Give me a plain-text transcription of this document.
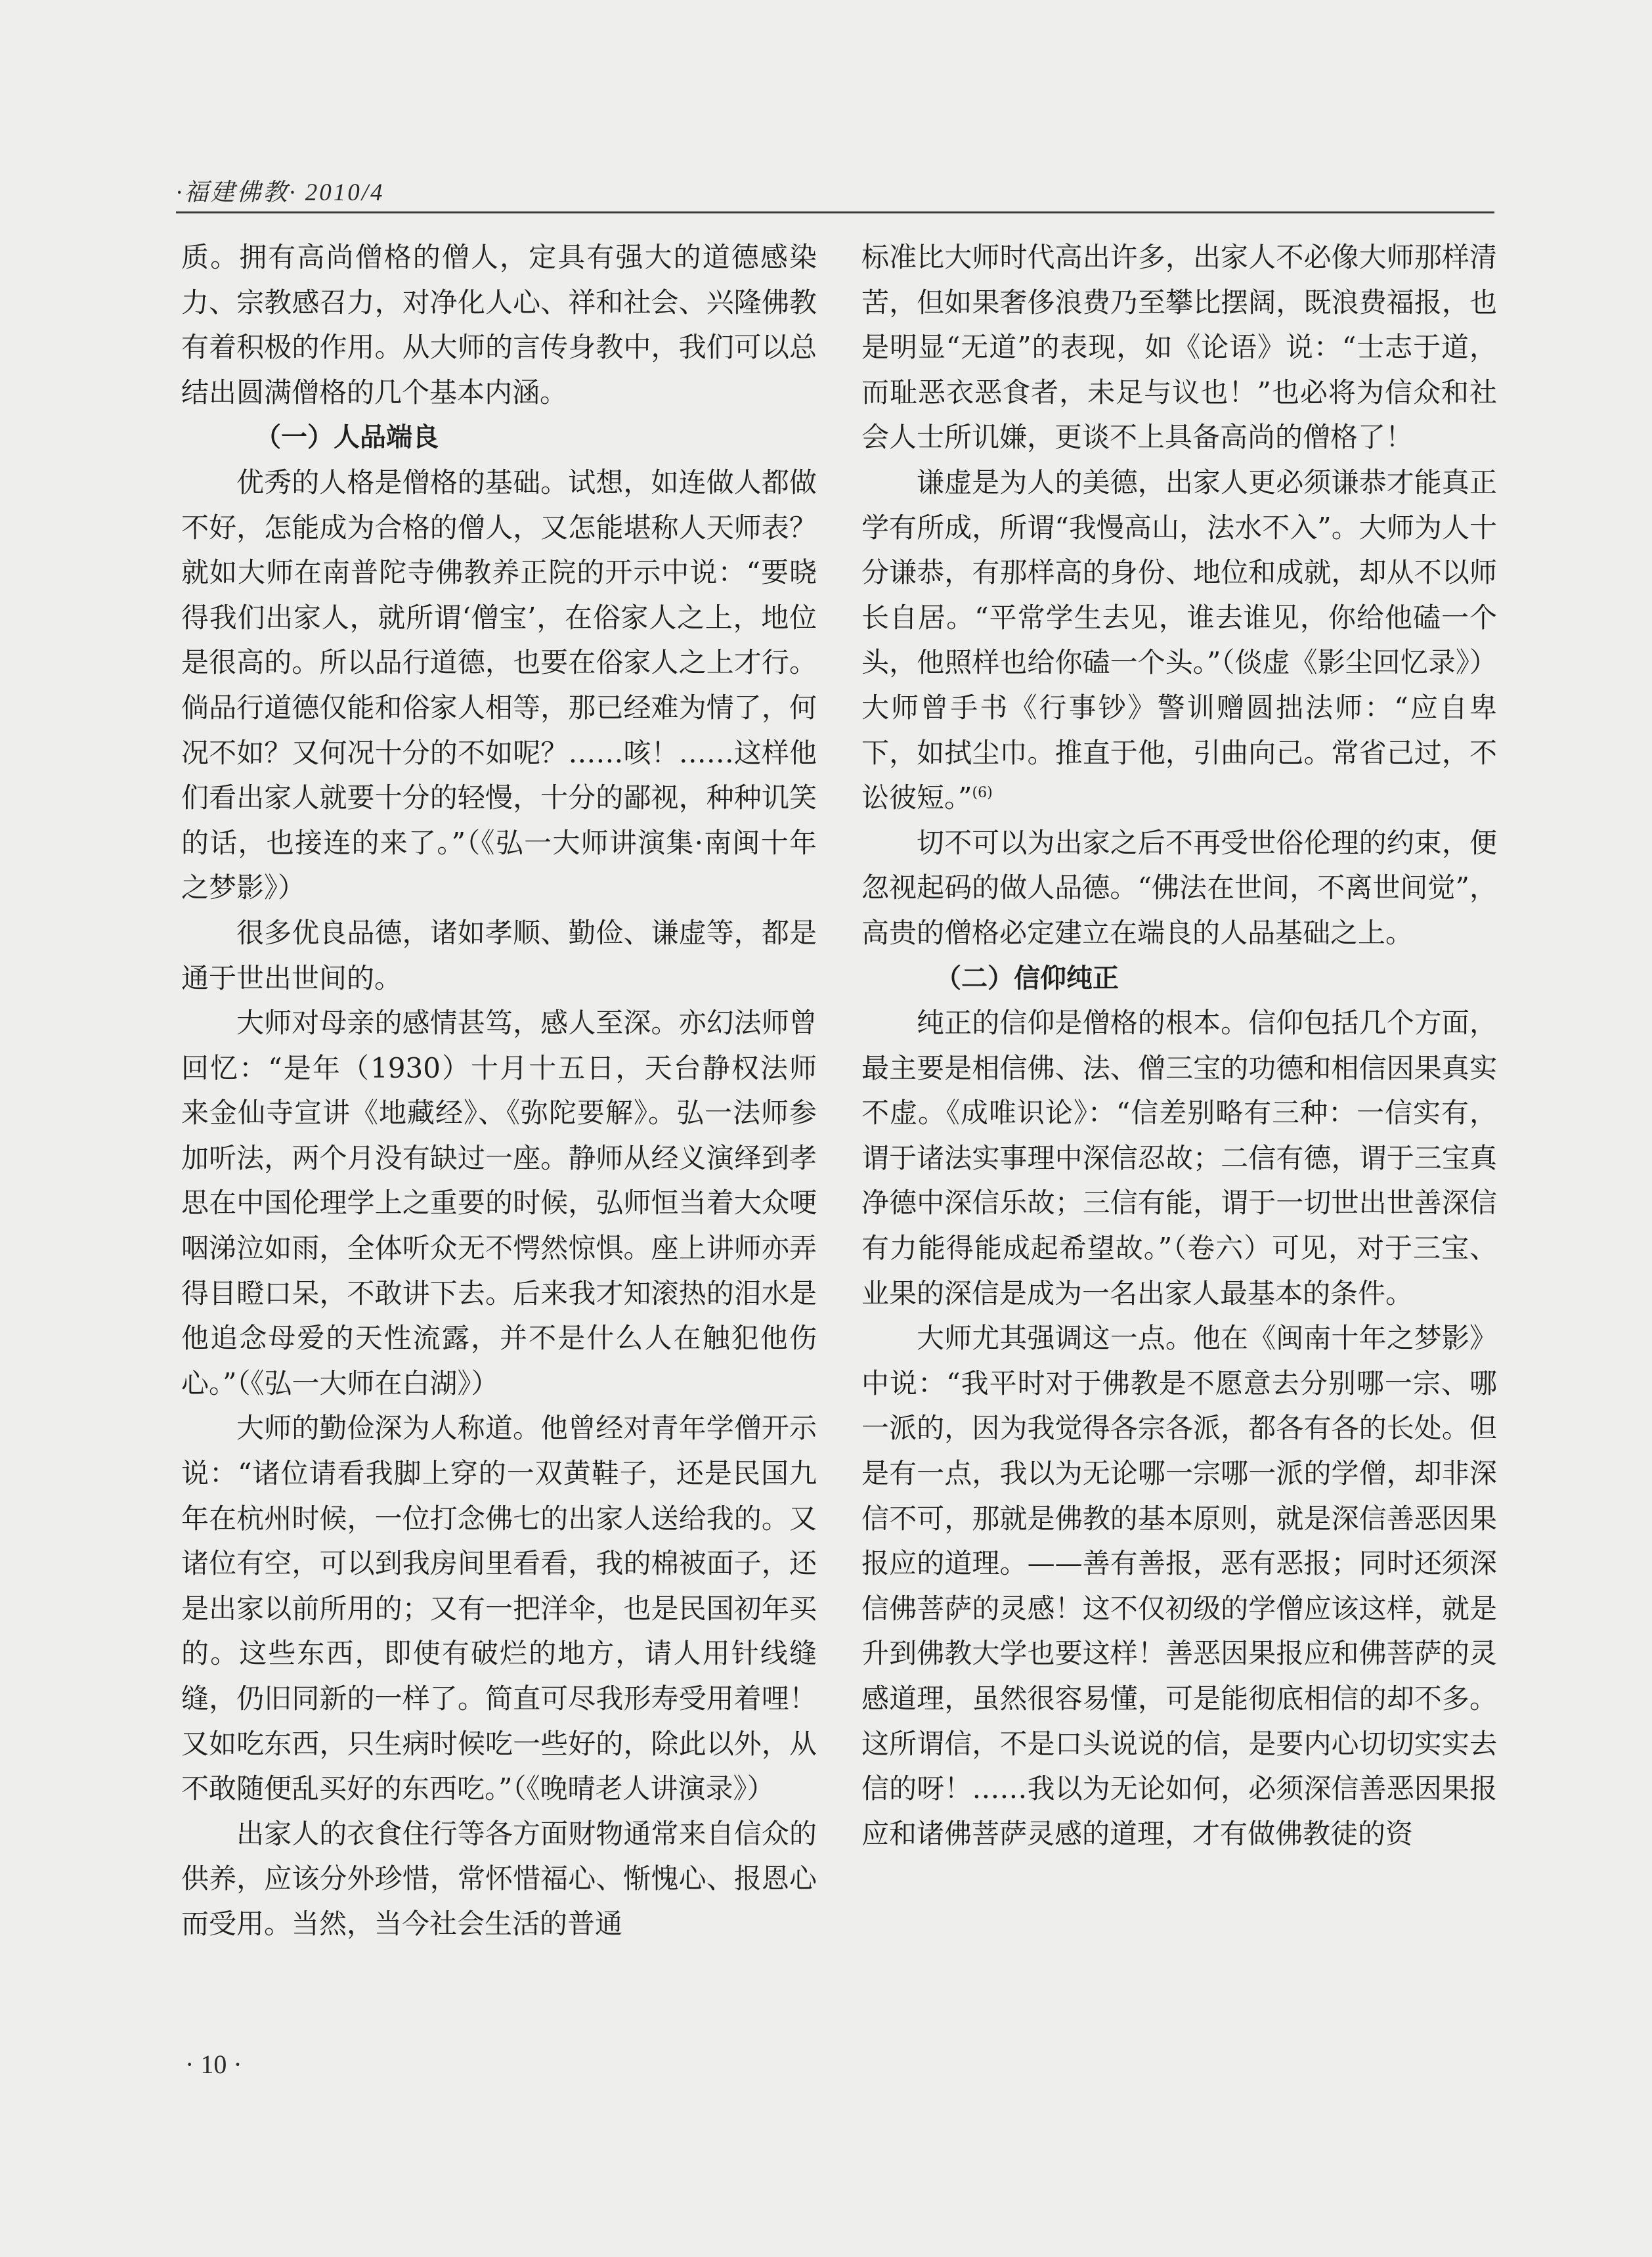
·福建佛教· 2010/4

质。拥有高尚僧格的僧人，定具有强大的道德感染力、宗教感召力，对净化人心、祥和社会、兴隆佛教有着积极的作用。从大师的言传身教中，我们可以总结出圆满僧格的几个基本内涵。

（一）人品端良

优秀的人格是僧格的基础。试想，如连做人都做不好，怎能成为合格的僧人，又怎能堪称人天师表？就如大师在南普陀寺佛教养正院的开示中说：“要晓得我们出家人，就所谓‘僧宝’，在俗家人之上，地位是很高的。所以品行道德，也要在俗家人之上才行。倘品行道德仅能和俗家人相等，那已经难为情了，何况不如？又何况十分的不如呢？……咳！……这样他们看出家人就要十分的轻慢，十分的鄙视，种种讥笑的话，也接连的来了。”（《弘一大师讲演集·南闽十年之梦影》）

很多优良品德，诸如孝顺、勤俭、谦虚等，都是通于世出世间的。

大师对母亲的感情甚笃，感人至深。亦幻法师曾回忆：“是年（1930）十月十五日，天台静权法师来金仙寺宣讲《地藏经》、《弥陀要解》。弘一法师参加听法，两个月没有缺过一座。静师从经义演绎到孝思在中国伦理学上之重要的时候，弘师恒当着大众哽咽涕泣如雨，全体听众无不愕然惊惧。座上讲师亦弄得目瞪口呆，不敢讲下去。后来我才知滚热的泪水是他追念母爱的天性流露，并不是什么人在触犯他伤心。”（《弘一大师在白湖》）

大师的勤俭深为人称道。他曾经对青年学僧开示说：“诸位请看我脚上穿的一双黄鞋子，还是民国九年在杭州时候，一位打念佛七的出家人送给我的。又诸位有空，可以到我房间里看看，我的棉被面子，还是出家以前所用的；又有一把洋伞，也是民国初年买的。这些东西，即使有破烂的地方，请人用针线缝缝，仍旧同新的一样了。简直可尽我形寿受用着哩！又如吃东西，只生病时候吃一些好的，除此以外，从不敢随便乱买好的东西吃。”（《晚晴老人讲演录》）

出家人的衣食住行等各方面财物通常来自信众的供养，应该分外珍惜，常怀惜福心、惭愧心、报恩心而受用。当然，当今社会生活的普通

标准比大师时代高出许多，出家人不必像大师那样清苦，但如果奢侈浪费乃至攀比摆阔，既浪费福报，也是明显“无道”的表现，如《论语》说：“士志于道，而耻恶衣恶食者，未足与议也！”也必将为信众和社会人士所讥嫌，更谈不上具备高尚的僧格了！

谦虚是为人的美德，出家人更必须谦恭才能真正学有所成，所谓“我慢高山，法水不入”。大师为人十分谦恭，有那样高的身份、地位和成就，却从不以师长自居。“平常学生去见，谁去谁见，你给他磕一个头，他照样也给你磕一个头。”（倓虚《影尘回忆录》）大师曾手书《行事钞》警训赠圆拙法师：“应自卑下，如拭尘巾。推直于他，引曲向己。常省己过，不讼彼短。”$^{(6)}$

切不可以为出家之后不再受世俗伦理的约束，便忽视起码的做人品德。“佛法在世间，不离世间觉”，高贵的僧格必定建立在端良的人品基础之上。

（二）信仰纯正

纯正的信仰是僧格的根本。信仰包括几个方面，最主要是相信佛、法、僧三宝的功德和相信因果真实不虚。《成唯识论》：“信差别略有三种：一信实有，谓于诸法实事理中深信忍故；二信有德，谓于三宝真净德中深信乐故；三信有能，谓于一切世出世善深信有力能得能成起希望故。”（卷六）可见，对于三宝、业果的深信是成为一名出家人最基本的条件。

大师尤其强调这一点。他在《闽南十年之梦影》中说：“我平时对于佛教是不愿意去分别哪一宗、哪一派的，因为我觉得各宗各派，都各有各的长处。但是有一点，我以为无论哪一宗哪一派的学僧，却非深信不可，那就是佛教的基本原则，就是深信善恶因果报应的道理。——善有善报，恶有恶报；同时还须深信佛菩萨的灵感！这不仅初级的学僧应该这样，就是升到佛教大学也要这样！善恶因果报应和佛菩萨的灵感道理，虽然很容易懂，可是能彻底相信的却不多。这所谓信，不是口头说说的信，是要内心切切实实去信的呀！……我以为无论如何，必须深信善恶因果报应和诸佛菩萨灵感的道理，才有做佛教徒的资

· 10 ·
